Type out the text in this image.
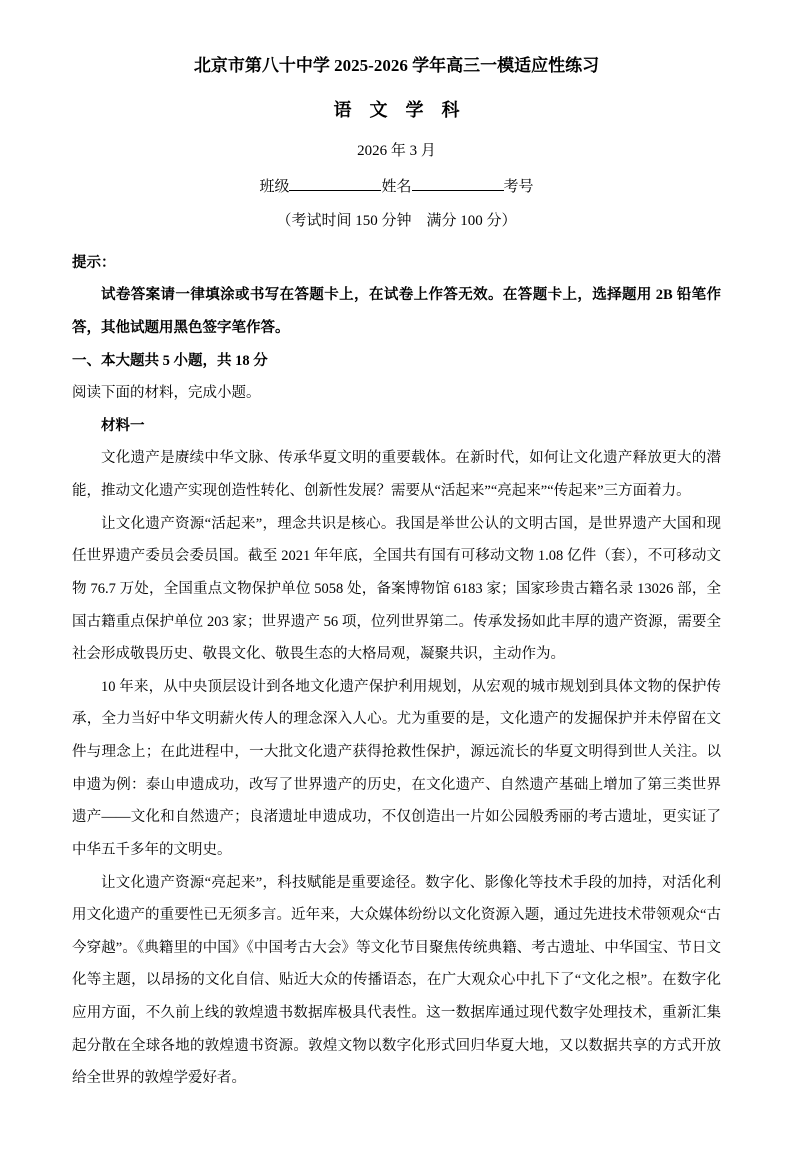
北京市第八十中学 2025-2026 学年高三一模适应性练习
语　文　学　科
2026 年 3 月
班级	姓名	考号
（考试时间 150 分钟　满分 100 分）

提示：

试卷答案请一律填涂或书写在答题卡上，在试卷上作答无效。在答题卡上，选择题用 2B 铅笔作答，其他试题用黑色签字笔作答。

一、本大题共 5 小题，共 18 分

阅读下面的材料，完成小题。

材料一

文化遗产是赓续中华文脉、传承华夏文明的重要载体。在新时代，如何让文化遗产释放更大的潜能，推动文化遗产实现创造性转化、创新性发展？需要从“活起来”“亮起来”“传起来”三方面着力。

让文化遗产资源“活起来”，理念共识是核心。我国是举世公认的文明古国，是世界遗产大国和现任世界遗产委员会委员国。截至 2021 年年底，全国共有国有可移动文物 1.08 亿件（套），不可移动文物 76.7 万处，全国重点文物保护单位 5058 处，备案博物馆 6183 家；国家珍贵古籍名录 13026 部，全国古籍重点保护单位 203 家；世界遗产 56 项，位列世界第二。传承发扬如此丰厚的遗产资源，需要全社会形成敬畏历史、敬畏文化、敬畏生态的大格局观，凝聚共识，主动作为。

10 年来，从中央顶层设计到各地文化遗产保护利用规划，从宏观的城市规划到具体文物的保护传承，全力当好中华文明薪火传人的理念深入人心。尤为重要的是，文化遗产的发掘保护并未停留在文件与理念上；在此进程中，一大批文化遗产获得抢救性保护，源远流长的华夏文明得到世人关注。以申遗为例：泰山申遗成功，改写了世界遗产的历史，在文化遗产、自然遗产基础上增加了第三类世界遗产——文化和自然遗产；良渚遗址申遗成功，不仅创造出一片如公园般秀丽的考古遗址，更实证了中华五千多年的文明史。

让文化遗产资源“亮起来”，科技赋能是重要途径。数字化、影像化等技术手段的加持，对活化利用文化遗产的重要性已无须多言。近年来，大众媒体纷纷以文化资源入题，通过先进技术带领观众“古今穿越”。《典籍里的中国》《中国考古大会》等文化节目聚焦传统典籍、考古遗址、中华国宝、节日文化等主题，以昂扬的文化自信、贴近大众的传播语态，在广大观众心中扎下了“文化之根”。在数字化应用方面，不久前上线的敦煌遗书数据库极具代表性。这一数据库通过现代数字处理技术，重新汇集起分散在全球各地的敦煌遗书资源。敦煌文物以数字化形式回归华夏大地，又以数据共享的方式开放给全世界的敦煌学爱好者。
